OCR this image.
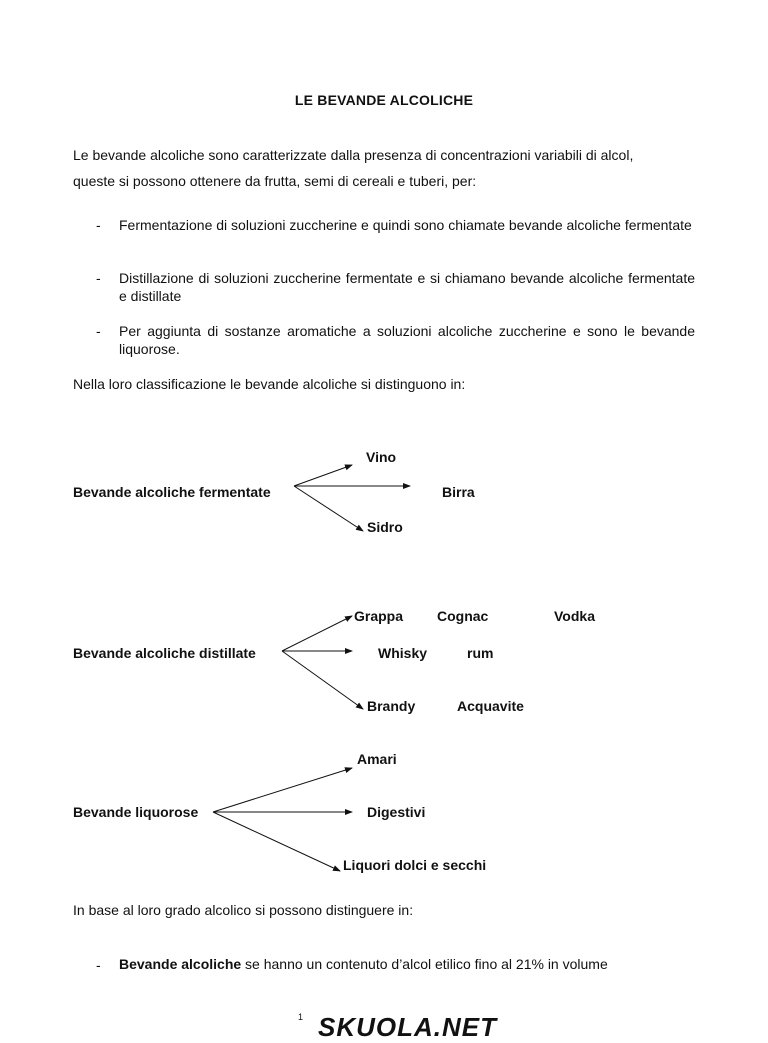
LE BEVANDE ALCOLICHE
Le bevande alcoliche sono caratterizzate dalla presenza di concentrazioni variabili di alcol,
queste si possono ottenere da frutta, semi di cereali e tuberi, per:
- Fermentazione di soluzioni zuccherine e quindi sono chiamate bevande alcoliche fermentate
- Distillazione di soluzioni zuccherine fermentate e si chiamano bevande alcoliche fermentate e distillate
- Per aggiunta di sostanze aromatiche a soluzioni alcoliche zuccherine e sono le bevande liquorose.
Nella loro classificazione le bevande alcoliche si distinguono in:
Bevande alcoliche fermentate
Vino
Birra
Sidro
Bevande alcoliche distillate
Grappa Cognac	Vodka
Whisky	rum
Brandy	Acquavite
Bevande liquorose
Amari
Digestivi
Liquori dolci e secchi
In base al loro grado alcolico si possono distinguere in:
- Bevande alcoliche se hanno un contenuto d’alcol etilico fino al 21% in volume
1 SKUOLA.NET
